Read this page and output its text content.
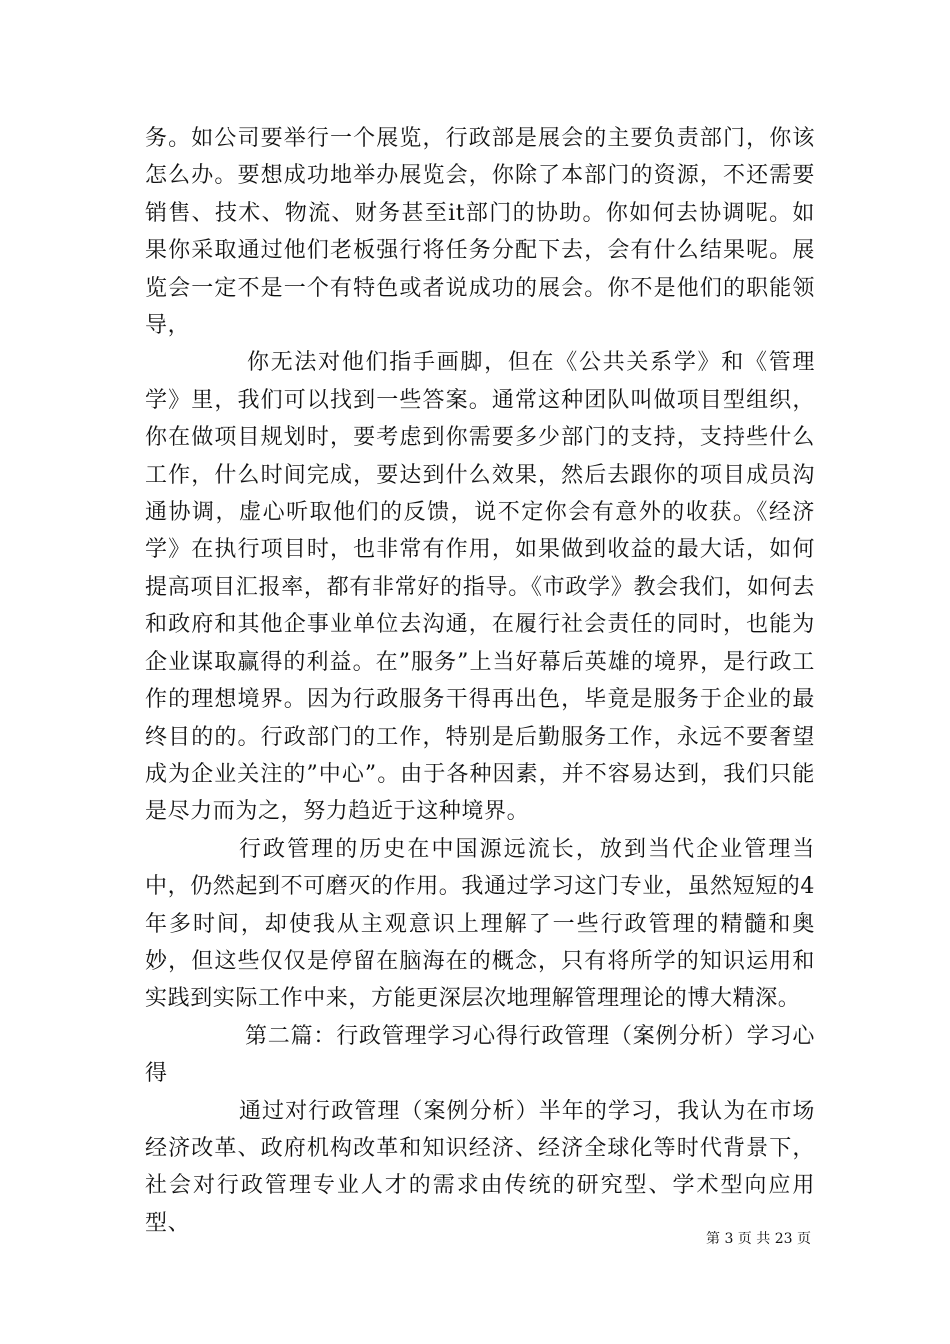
务。如公司要举行一个展览，行政部是展会的主要负责部门，你该怎么办。要想成功地举办展览会，你除了本部门的资源，不还需要销售、技术、物流、财务甚至it部门的协助。你如何去协调呢。如果你采取通过他们老板强行将任务分配下去，会有什么结果呢。展览会一定不是一个有特色或者说成功的展会。你不是他们的职能领导，

你无法对他们指手画脚，但在《公共关系学》和《管理学》里，我们可以找到一些答案。通常这种团队叫做项目型组织，你在做项目规划时，要考虑到你需要多少部门的支持，支持些什么工作，什么时间完成，要达到什么效果，然后去跟你的项目成员沟通协调，虚心听取他们的反馈，说不定你会有意外的收获。《经济学》在执行项目时，也非常有作用，如果做到收益的最大话，如何提高项目汇报率，都有非常好的指导。《市政学》教会我们，如何去和政府和其他企事业单位去沟通，在履行社会责任的同时，也能为企业谋取赢得的利益。在”服务”上当好幕后英雄的境界，是行政工作的理想境界。因为行政服务干得再出色，毕竟是服务于企业的最终目的的。行政部门的工作，特别是后勤服务工作，永远不要奢望成为企业关注的”中心”。由于各种因素，并不容易达到，我们只能是尽力而为之，努力趋近于这种境界。

行政管理的历史在中国源远流长，放到当代企业管理当中，仍然起到不可磨灭的作用。我通过学习这门专业，虽然短短的4年多时间，却使我从主观意识上理解了一些行政管理的精髓和奥妙，但这些仅仅是停留在脑海在的概念，只有将所学的知识运用和实践到实际工作中来，方能更深层次地理解管理理论的博大精深。

第二篇：行政管理学习心得行政管理（案例分析）学习心得

通过对行政管理（案例分析）半年的学习，我认为在市场经济改革、政府机构改革和知识经济、经济全球化等时代背景下，社会对行政管理专业人才的需求由传统的研究型、学术型向应用型、

第 3 页 共 23 页
